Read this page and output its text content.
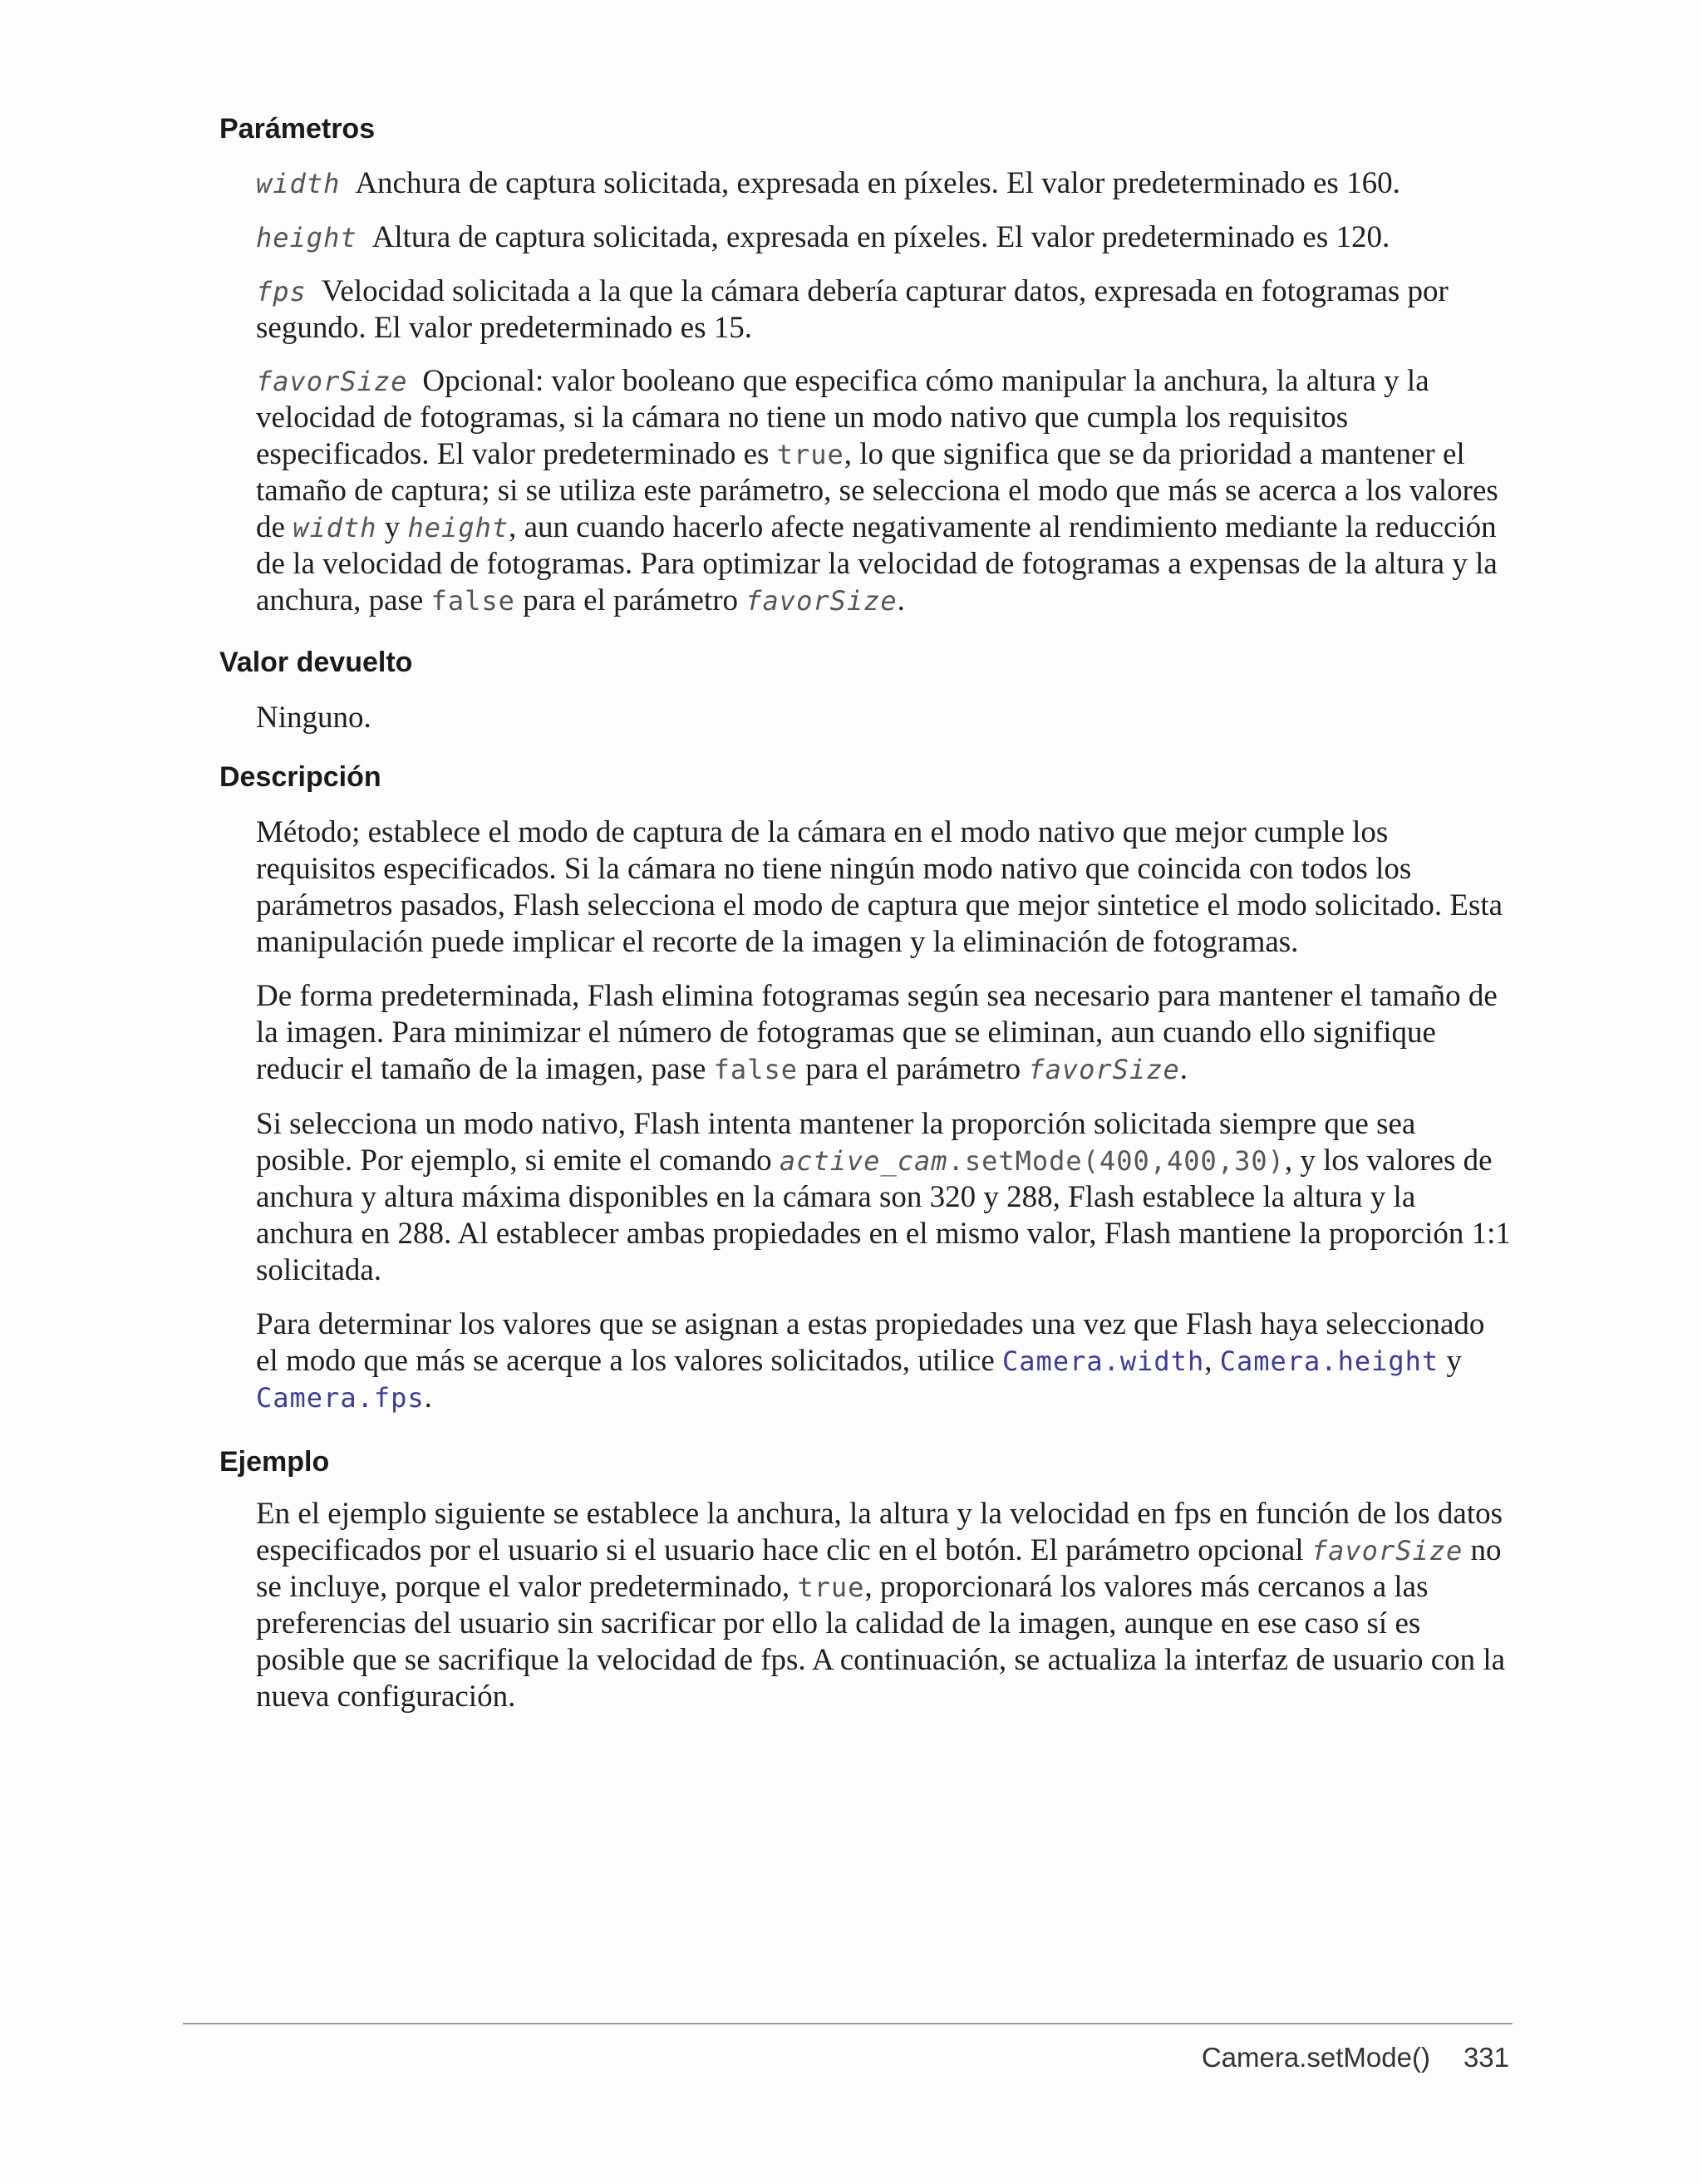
Parámetros

width Anchura de captura solicitada, expresada en píxeles. El valor predeterminado es 160.

height Altura de captura solicitada, expresada en píxeles. El valor predeterminado es 120.

fps Velocidad solicitada a la que la cámara debería capturar datos, expresada en fotogramas por segundo. El valor predeterminado es 15.

favorSize Opcional: valor booleano que especifica cómo manipular la anchura, la altura y la velocidad de fotogramas, si la cámara no tiene un modo nativo que cumpla los requisitos especificados. El valor predeterminado es true, lo que significa que se da prioridad a mantener el tamaño de captura; si se utiliza este parámetro, se selecciona el modo que más se acerca a los valores de width y height, aun cuando hacerlo afecte negativamente al rendimiento mediante la reducción de la velocidad de fotogramas. Para optimizar la velocidad de fotogramas a expensas de la altura y la anchura, pase false para el parámetro favorSize.

Valor devuelto

Ninguno.

Descripción

Método; establece el modo de captura de la cámara en el modo nativo que mejor cumple los requisitos especificados. Si la cámara no tiene ningún modo nativo que coincida con todos los parámetros pasados, Flash selecciona el modo de captura que mejor sintetice el modo solicitado. Esta manipulación puede implicar el recorte de la imagen y la eliminación de fotogramas.

De forma predeterminada, Flash elimina fotogramas según sea necesario para mantener el tamaño de la imagen. Para minimizar el número de fotogramas que se eliminan, aun cuando ello signifique reducir el tamaño de la imagen, pase false para el parámetro favorSize.

Si selecciona un modo nativo, Flash intenta mantener la proporción solicitada siempre que sea posible. Por ejemplo, si emite el comando active_cam.setMode(400,400,30), y los valores de anchura y altura máxima disponibles en la cámara son 320 y 288, Flash establece la altura y la anchura en 288. Al establecer ambas propiedades en el mismo valor, Flash mantiene la proporción 1:1 solicitada.

Para determinar los valores que se asignan a estas propiedades una vez que Flash haya seleccionado el modo que más se acerque a los valores solicitados, utilice Camera.width, Camera.height y Camera.fps.

Ejemplo

En el ejemplo siguiente se establece la anchura, la altura y la velocidad en fps en función de los datos especificados por el usuario si el usuario hace clic en el botón. El parámetro opcional favorSize no se incluye, porque el valor predeterminado, true, proporcionará los valores más cercanos a las preferencias del usuario sin sacrificar por ello la calidad de la imagen, aunque en ese caso sí es posible que se sacrifique la velocidad de fps. A continuación, se actualiza la interfaz de usuario con la nueva configuración.

Camera.setMode() 331
